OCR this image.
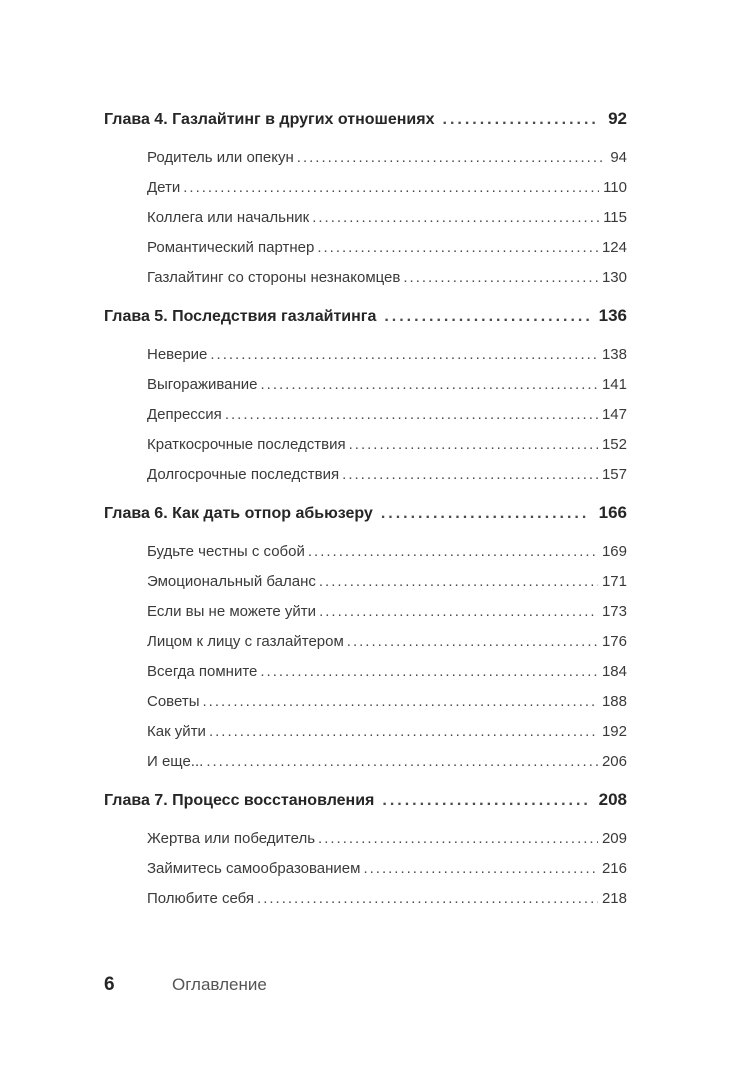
Глава 4. Газлайтинг в других отношениях .....	92
Родитель или опекун .....	94
Дети .....	110
Коллега или начальник .....	115
Романтический партнер .....	124
Газлайтинг со стороны незнакомцев .....	130
Глава 5. Последствия газлайтинга .....	136
Неверие .....	138
Выгораживание .....	141
Депрессия .....	147
Краткосрочные последствия .....	152
Долгосрочные последствия .....	157
Глава 6. Как дать отпор абьюзеру .....	166
Будьте честны с собой .....	169
Эмоциональный баланс .....	171
Если вы не можете уйти .....	173
Лицом к лицу с газлайтером .....	176
Всегда помните .....	184
Советы .....	188
Как уйти .....	192
И еще... .....	206
Глава 7. Процесс восстановления .....	208
Жертва или победитель .....	209
Займитесь самообразованием .....	216
Полюбите себя .....	218
6	Оглавление
